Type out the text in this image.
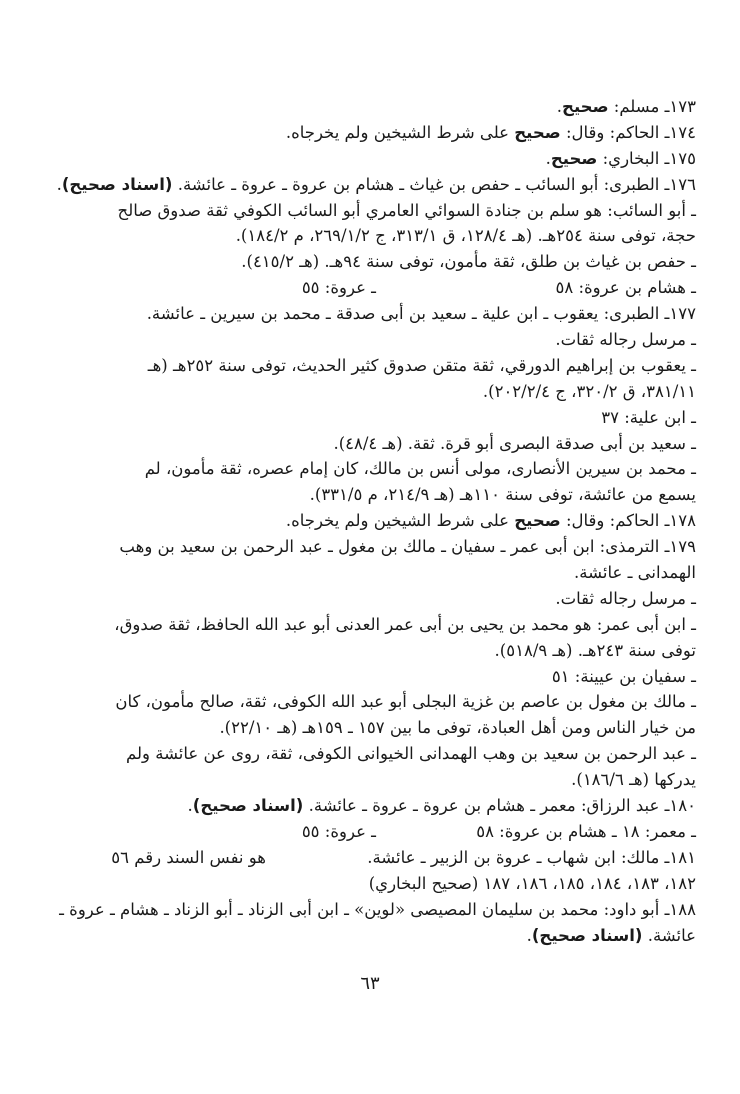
١٧٣ـ مسلم: صحيح.
١٧٤ـ الحاكم: وقال: صحيح على شرط الشيخين ولم يخرجاه.
١٧٥ـ البخاري: صحيح.
١٧٦ـ الطبرى: أبو السائب ـ حفص بن غياث ـ هشام بن عروة ـ عروة ـ عائشة. (اسناد صحيح).
ـ أبو السائب: هو سلم بن جنادة السوائي العامري أبو السائب الكوفي ثقة صدوق صالح
حجة، توفى سنة ٢٥٤هـ. (هـ ١٢٨/٤، ق ٣١٣/١، ج ٢٦٩/١/٢، م ١٨٤/٢).
ـ حفص بن غياث بن طلق، ثقة مأمون، توفى سنة ٩٤هـ. (هـ ٤١٥/٢).
ـ هشام بن عروة: ٥٨
ـ عروة: ٥٥
١٧٧ـ الطبرى: يعقوب ـ ابن علية ـ سعيد بن أبى صدقة ـ محمد بن سيرين ـ عائشة.
ـ مرسل رجاله ثقات.
ـ يعقوب بن إبراهيم الدورقي، ثقة متقن صدوق كثير الحديث، توفى سنة ٢٥٢هـ (هـ
٣٨١/١١، ق ٣٢٠/٢، ج ٢٠٢/٢/٤).
ـ ابن علية: ٣٧
ـ سعيد بن أبى صدقة البصرى أبو قرة. ثقة. (هـ ٤٨/٤).
ـ محمد بن سيرين الأنصارى، مولى أنس بن مالك، كان إمام عصره، ثقة مأمون، لم
يسمع من عائشة، توفى سنة ١١٠هـ (هـ ٢١٤/٩، م ٣٣١/٥).
١٧٨ـ الحاكم: وقال: صحيح على شرط الشيخين ولم يخرجاه.
١٧٩ـ الترمذى: ابن أبى عمر ـ سفيان ـ مالك بن مغول ـ عبد الرحمن بن سعيد بن وهب
الهمدانى ـ عائشة.
ـ مرسل رجاله ثقات.
ـ ابن أبى عمر: هو محمد بن يحيى بن أبى عمر العدنى أبو عبد الله الحافظ، ثقة صدوق،
توفى سنة ٢٤٣هـ. (هـ ٥١٨/٩).
ـ سفيان بن عيينة: ٥١
ـ مالك بن مغول بن عاصم بن غزية البجلى أبو عبد الله الكوفى، ثقة، صالح مأمون، كان
من خيار الناس ومن أهل العبادة، توفى ما بين ١٥٧ ـ ١٥٩هـ (هـ ٢٢/١٠).
ـ عبد الرحمن بن سعيد بن وهب الهمدانى الخيوانى الكوفى، ثقة، روى عن عائشة ولم
يدركها (هـ ١٨٦/٦).
١٨٠ـ عبد الرزاق: معمر ـ هشام بن عروة ـ عروة ـ عائشة. (اسناد صحيح).
ـ معمر: ١٨ ـ هشام بن عروة: ٥٨
ـ عروة: ٥٥
١٨١ـ مالك: ابن شهاب ـ عروة بن الزبير ـ عائشة.
هو نفس السند رقم ٥٦
١٨٢، ١٨٣، ١٨٤، ١٨٥، ١٨٦، ١٨٧ (صحيح البخاري)
١٨٨ـ أبو داود: محمد بن سليمان المصيصى «لوين» ـ ابن أبى الزناد ـ أبو الزناد ـ هشام ـ عروة ـ
عائشة. (اسناد صحيح).
٦٣
